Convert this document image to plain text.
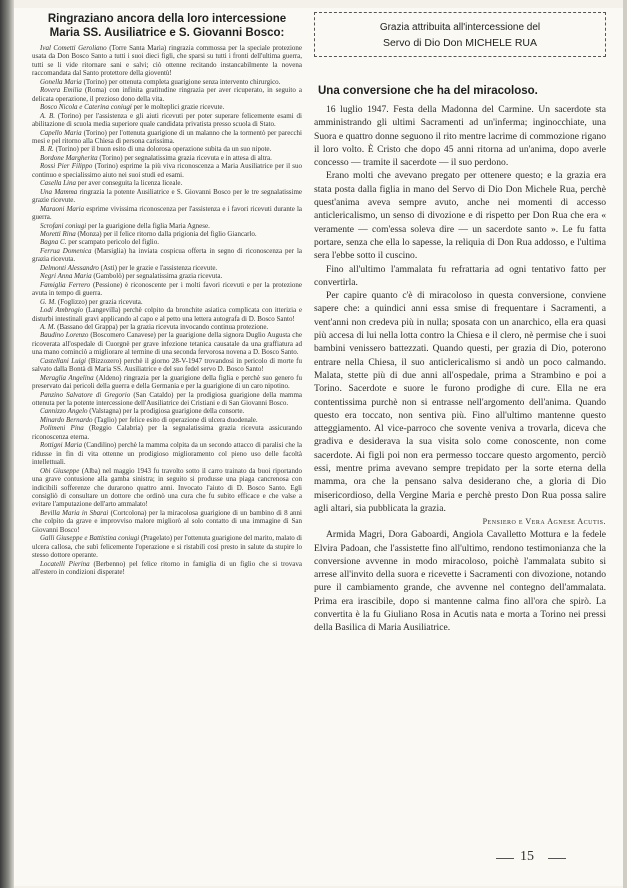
Ringraziano ancora della loro intercessione
Maria SS. Ausiliatrice e S. Giovanni Bosco:

Ival Cometti Geroliano (Torre Santa Maria) ringrazia commossa per la speciale protezione usata da Don Bosco Santo a tutti i suoi dieci figli, che sparsi su tutti i fronti dell'ultima guerra, tutti se li vide ritornare sani e salvi; ciò ottenne recitando instancabilmente la novena raccomandata dal Santo protettore della gioventù!

Gonella Maria (Torino) per ottenuta completa guarigione senza intervento chirurgico.

Rovera Emilia (Roma) con infinita gratitudine ringrazia per aver ricuperato, in seguito a delicata operazione, il prezioso dono della vita.

Bosco Nicola e Caterina coniugi per le molteplici grazie ricevute.

A. B. (Torino) per l'assistenza e gli aiuti ricevuti per poter superare felicemente esami di abilitazione di scuola media superiore quale candidata privatista presso scuola di Stato.

Capello Maria (Torino) per l'ottenuta guarigione di un malanno che la tormentò per parecchi mesi e pel ritorno alla Chiesa di persona carissima.

B. R. (Torino) per il buon esito di una dolorosa operazione subita da un suo nipote.

Bordone Margherita (Torino) per segnalatissima grazia ricevuta e in attesa di altra.

Rossi Pier Filippo (Torino) esprime la più viva riconoscenza a Maria Ausiliatrice per il suo continuo e specialissimo aiuto nei suoi studi ed esami.

Casella Lina per aver conseguita la licenza liceale.

Una Mamma ringrazia la potente Ausiliatrice e S. Giovanni Bosco per le tre segnalatissime grazie ricevute.

Maraoni Maria esprime vivissima riconoscenza per l'assistenza e i favori ricevuti durante la guerra.

Scrofani coniugi per la guarigione della figlia Maria Agnese.

Moretti Rina (Monza) per il felice ritorno dalla prigionia del figlio Giancarlo.

Bagna C. per scampato pericolo del figlio.

Ferrua Domenica (Marsiglia) ha inviata cospicua offerta in segno di riconoscenza per la grazia ricevuta.

Delmonti Alessandro (Asti) per le grazie e l'assistenza ricevute.

Negri Anna Maria (Gambolò) per segnalatissima grazia ricevuta.

Famiglia Ferrero (Pessione) è riconoscente per i molti favori ricevuti e per la protezione avuta in tempo di guerra.

G. M. (Foglizzo) per grazia ricevuta.

Lodi Ambrogio (Langevilla) perchè colpito da bronchite asiatica complicata con itterizia e disturbi intestinali gravi applicando al capo e al petto una lettera autografa di D. Bosco Santo!

A. M. (Bassano del Grappa) per la grazia ricevuta invocando continua protezione.

Baudino Lorenzo (Boscomero Canavese) per la guarigione della signora Duglio Augusta che ricoverata all'ospedale di Cuorgnè per grave infezione tetanica causatale da una graffiatura ad una mano cominciò a migliorare al termine di una seconda fervorosa novena a D. Bosco Santo.

Castellani Luigi (Bizzozero) perchè il giorno 28-V-1947 trovandosi in pericolo di morte fu salvato dalla Bontà di Maria SS. Ausiliatrice e del suo fedel servo D. Bosco Santo!

Meraglia Angelina (Aldeno) ringrazia per la guarigione della figlia e perchè suo genero fu preservato dai pericoli della guerra e della Germania e per la guarigione di un caro nipotino.

Panzino Salvatore di Gregorio (San Cataldo) per la prodigiosa guarigione della mamma ottenuta per la potente intercessione dell'Ausiliatrice dei Cristiani e di San Giovanni Bosco.

Cannizzo Angelo (Valstagna) per la prodigiosa guarigione della consorte.

Minardo Bernardo (Taglio) per felice esito di operazione di ulcera duodenale.

Polimeni Pina (Reggio Calabria) per la segnalatissima grazia ricevuta assicurando riconoscenza eterna.

Rottigni Maria (Candilino) perchè la mamma colpita da un secondo attacco di paralisi che la ridusse in fin di vita ottenne un prodigioso miglioramento col pieno uso delle facoltà intellettuali.

Obi Giuseppe (Alba) nel maggio 1943 fu travolto sotto il carro trainato da buoi riportando una grave contusione alla gamba sinistra; in seguito si produsse una piaga cancrenosa con indicibili sofferenze che durarono quattro anni. Invocato l'aiuto di D. Bosco Santo. Egli consigliò di consultare un dottore che ordinò una cura che fu subito efficace e che valse a evitare l'amputazione dell'arto ammalato!

Bevilla Maria in Sbarai (Cortcolona) per la miracolosa guarigione di un bambino di 8 anni che colpito da grave e improvviso malore migliorò al solo contatto di una immagine di San Giovanni Bosco!

Galli Giuseppe e Battistina coniugi (Pragelato) per l'ottenuta guarigione del marito, malato di ulcera callosa, che subì felicemente l'operazione e si ristabilì così presto in salute da stupire lo stesso dottore operante.

Locatelli Pierina (Berbenno) pel felice ritorno in famiglia di un figlio che si trovava all'estero in condizioni disperate!

Grazia attribuita all'intercessione del
Servo di Dio Don MICHELE RUA
Una conversione che ha del miracoloso.

16 luglio 1947. Festa della Madonna del Carmine. Un sacerdote sta amministrando gli ultimi Sacramenti ad un'inferma; inginocchiate, una Suora e quattro donne seguono il rito mentre lacrime di commozione rigano il loro volto. È Cristo che dopo 45 anni ritorna ad un'anima, dopo averle concesso — tramite il sacerdote — il suo perdono.

Erano molti che avevano pregato per ottenere questo; e la grazia era stata posta dalla figlia in mano del Servo di Dio Don Michele Rua, perchè quest'anima aveva sempre avuto, anche nei momenti di accesso anticlericalismo, un senso di divozione e di rispetto per Don Rua che era « veramente — com'essa soleva dire — un sacerdote santo ». Le fu fatta portare, senza che ella lo sapesse, la reliquia di Don Rua addosso, e l'ultima sera l'ebbe sotto il cuscino.

Fino all'ultimo l'ammalata fu refrattaria ad ogni tentativo fatto per convertirla.

Per capire quanto c'è di miracoloso in questa conversione, conviene sapere che: a quindici anni essa smise di frequentare i Sacramenti, a vent'anni non credeva più in nulla; sposata con un anarchico, ella era quasi più accesa di lui nella lotta contro la Chiesa e il clero, nè permise che i suoi bambini venissero battezzati. Quando questi, per grazia di Dio, poterono entrare nella Chiesa, il suo anticlericalismo si andò un poco calmando. Malata, stette più di due anni all'ospedale, prima a Strambino e poi a Torino. Sacerdote e suore le furono prodighe di cure. Ella ne era contentissima purchè non si entrasse nell'argomento dell'anima. Quando questo era toccato, non sentiva più. Fino all'ultimo mantenne questo atteggiamento. Al vice-parroco che sovente veniva a trovarla, diceva che gradiva e desiderava la sua visita solo come conoscente, non come sacerdote. Ai figli poi non era permesso toccare questo argomento, perciò essi, mentre prima avevano sempre trepidato per la sorte eterna della mamma, ora che la pensano salva desiderano che, a gloria di Dio misericordioso, della Vergine Maria e perchè presto Don Rua possa salire agli altari, sia pubblicata la grazia.

Pensiero e Vera Agnese Acutis.

Armida Magri, Dora Gaboardi, Angiola Cavalletto Mottura e la fedele Elvira Padoan, che l'assistette fino all'ultimo, rendono testimonianza che la conversione avvenne in modo miracoloso, poichè l'ammalata subito si arrese all'invito della suora e ricevette i Sacramenti con divozione, notando pure il cambiamento grande, che avvenne nel contegno dell'ammalata. Prima era irascibile, dopo si mantenne calma fino all'ora che spirò. La convertita è la fu Giuliano Rosa in Acutis nata e morta a Torino nei pressi della Basilica di Maria Ausiliatrice.

15
